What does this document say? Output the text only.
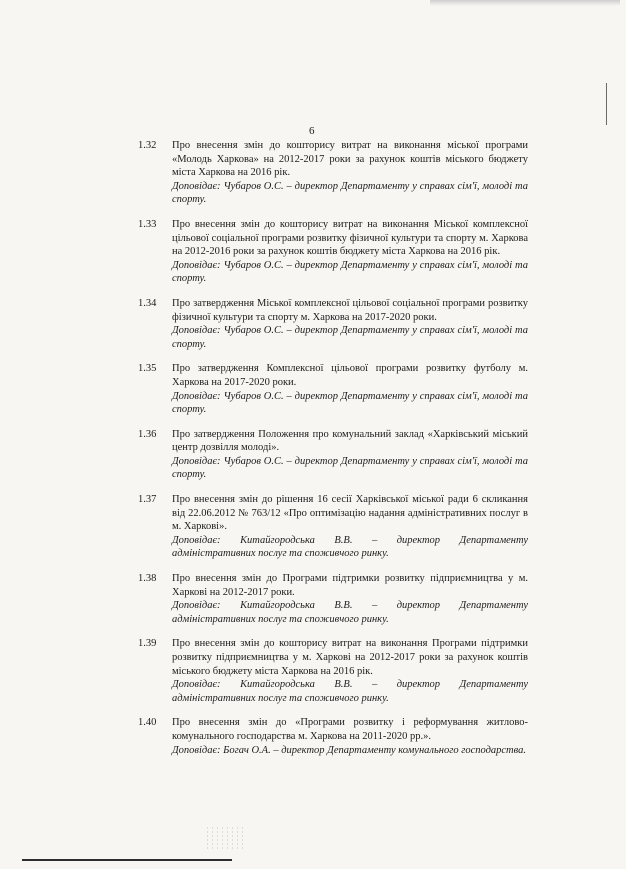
6
1.32 Про внесення змін до кошторису витрат на виконання міської програми «Молодь Харкова» на 2012-2017 роки за рахунок коштів міського бюджету міста Харкова на 2016 рік.
Доповідає: Чубаров О.С. – директор Департаменту у справах сім'ї, молоді та спорту.
1.33 Про внесення змін до кошторису витрат на виконання Міської комплексної цільової соціальної програми розвитку фізичної культури та спорту м. Харкова на 2012-2016 роки за рахунок коштів бюджету міста Харкова на 2016 рік.
Доповідає: Чубаров О.С. – директор Департаменту у справах сім'ї, молоді та спорту.
1.34 Про затвердження Міської комплексної цільової соціальної програми розвитку фізичної культури та спорту м. Харкова на 2017-2020 роки.
Доповідає: Чубаров О.С. – директор Департаменту у справах сім'ї, молоді та спорту.
1.35 Про затвердження Комплексної цільової програми розвитку футболу м. Харкова на 2017-2020 роки.
Доповідає: Чубаров О.С. – директор Департаменту у справах сім'ї, молоді та спорту.
1.36 Про затвердження Положення про комунальний заклад «Харківський міський центр дозвілля молоді».
Доповідає: Чубаров О.С. – директор Департаменту у справах сім'ї, молоді та спорту.
1.37 Про внесення змін до рішення 16 сесії Харківської міської ради 6 скликання від 22.06.2012 № 763/12 «Про оптимізацію надання адміністративних послуг в м. Харкові».
Доповідає: Китайгородська В.В. – директор Департаменту адміністративних послуг та споживчого ринку.
1.38 Про внесення змін до Програми підтримки розвитку підприємництва у м. Харкові на 2012-2017 роки.
Доповідає: Китайгородська В.В. – директор Департаменту адміністративних послуг та споживчого ринку.
1.39 Про внесення змін до кошторису витрат на виконання Програми підтримки розвитку підприємництва у м. Харкові на 2012-2017 роки за рахунок коштів міського бюджету міста Харкова на 2016 рік.
Доповідає: Китайгородська В.В. – директор Департаменту адміністративних послуг та споживчого ринку.
1.40 Про внесення змін до «Програми розвитку і реформування житлово-комунального господарства м. Харкова на 2011-2020 рр.».
Доповідає: Богач О.А. – директор Департаменту комунального господарства.
